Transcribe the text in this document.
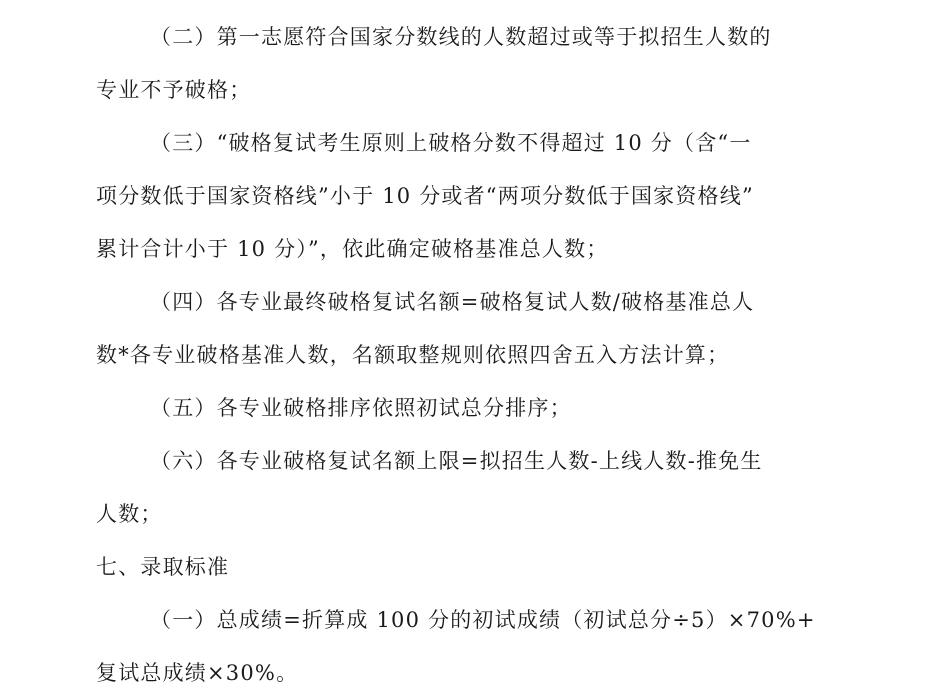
（二）第一志愿符合国家分数线的人数超过或等于拟招生人数的
专业不予破格；
（三）“破格复试考生原则上破格分数不得超过 10 分（含“一
项分数低于国家资格线”小于 10 分或者“两项分数低于国家资格线”
累计合计小于 10 分）”，依此确定破格基准总人数；
（四）各专业最终破格复试名额=破格复试人数/破格基准总人
数*各专业破格基准人数，名额取整规则依照四舍五入方法计算；
（五）各专业破格排序依照初试总分排序；
（六）各专业破格复试名额上限=拟招生人数-上线人数-推免生
人数；
七、录取标准
（一）总成绩=折算成 100 分的初试成绩（初试总分÷5）×70%+
复试总成绩×30%。
